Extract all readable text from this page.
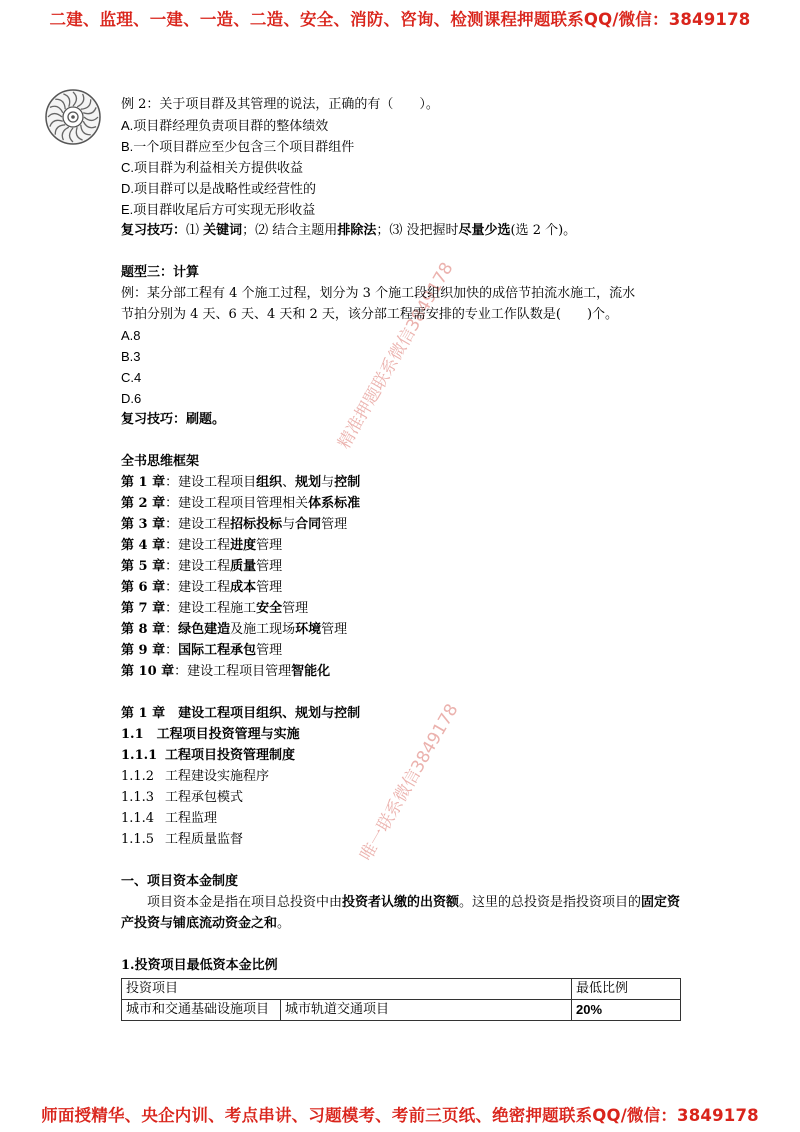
二建、监理、一建、一造、二造、安全、消防、咨询、检测课程押题联系QQ/微信：3849178
精准押题联系微信3849178
唯一联系微信3849178

例 2：关于项目群及其管理的说法，正确的有（　　）。

A.项目群经理负责项目群的整体绩效

B.一个项目群应至少包含三个项目群组件

C.项目群为利益相关方提供收益

D.项目群可以是战略性或经营性的

E.项目群收尾后方可实现无形收益

复习技巧：⑴ 关键词；⑵ 结合主题用排除法；⑶ 没把握时尽量少选(选 2 个)。

题型三：计算

例：某分部工程有 4 个施工过程，划分为 3 个施工段组织加快的成倍节拍流水施工，流水

节拍分别为 4 天、6 天、4 天和 2 天，该分部工程需安排的专业工作队数是(　　)个。

A.8

B.3

C.4

D.6

复习技巧：刷题。

全书思维框架

第 1 章：建设工程项目组织、规划与控制

第 2 章：建设工程项目管理相关体系标准

第 3 章：建设工程招标投标与合同管理

第 4 章：建设工程进度管理

第 5 章：建设工程质量管理

第 6 章：建设工程成本管理

第 7 章：建设工程施工安全管理

第 8 章：绿色建造及施工现场环境管理

第 9 章：国际工程承包管理

第 10 章：建设工程项目管理智能化

第 1 章　建设工程项目组织、规划与控制

1.1　工程项目投资管理与实施

1.1.1 工程项目投资管理制度

1.1.2 工程建设实施程序

1.1.3 工程承包模式

1.1.4 工程监理

1.1.5 工程质量监督

一、项目资本金制度

项目资本金是指在项目总投资中由投资者认缴的出资额。这里的总投资是指投资项目的固定资产投资与铺底流动资金之和。

1.投资项目最低资本金比例

投资项目		最低比例
城市和交通基础设施项目	城市轨道交通项目	20%
师面授精华、央企内训、考点串讲、习题模考、考前三页纸、绝密押题联系QQ/微信：3849178
